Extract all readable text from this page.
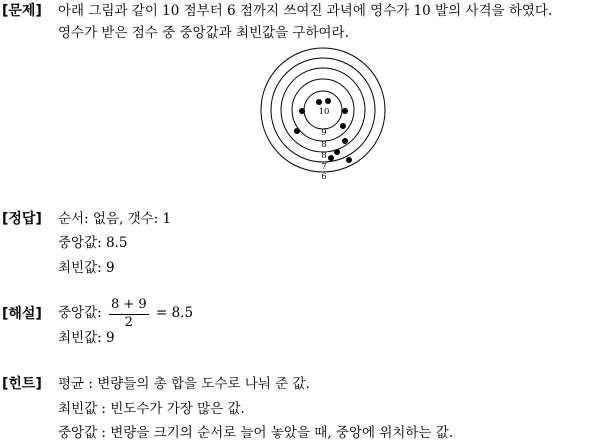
[문제] 아래 그림과 같이 10 점부터 6 점까지 쓰여진 과녁에 영수가 10 발의 사격을 하였다.
영수가 받은 점수 중 중앙값과 최빈값을 구하여라.
10
9
8
8
7
6
[정답] 순서: 없음, 갯수: 1
중앙값: 8.5
최빈값: 9
[해설] 중앙값: $\frac{8 + 9}{2} = 8.5$
최빈값: 9
[힌트] 평균 : 변량들의 총 합을 도수로 나눠 준 값.
최빈값 : 빈도수가 가장 많은 값.
중앙값 : 변량을 크기의 순서로 늘어 놓았을 때, 중앙에 위치하는 값.
